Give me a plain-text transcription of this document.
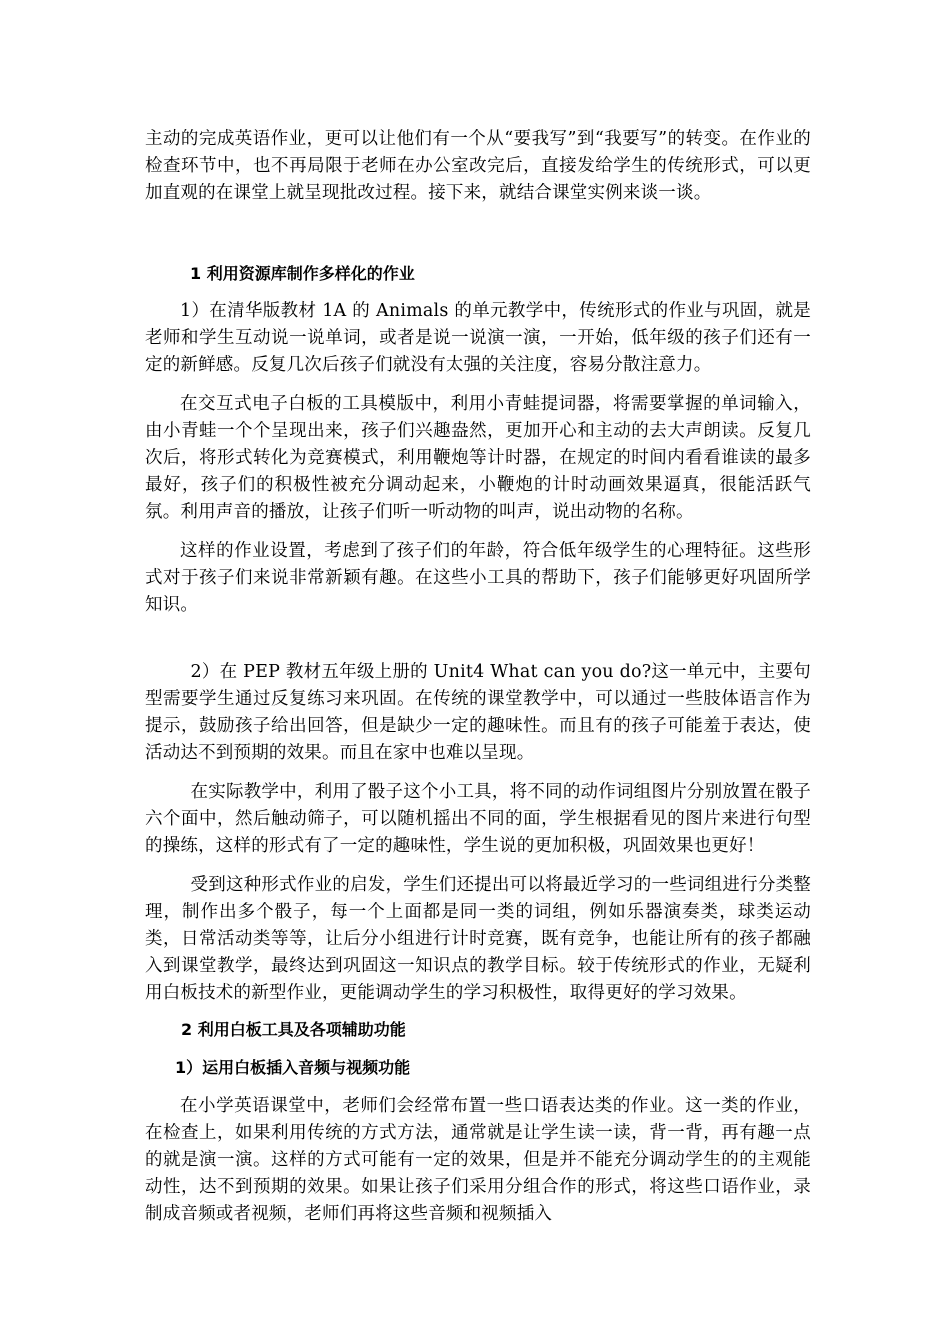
主动的完成英语作业，更可以让他们有一个从“要我写”到“我要写”的转变。在作业的检查环节中，也不再局限于老师在办公室改完后，直接发给学生的传统形式，可以更加直观的在课堂上就呈现批改过程。接下来，就结合课堂实例来谈一谈。

1 利用资源库制作多样化的作业

1）在清华版教材 1A 的 Animals 的单元教学中，传统形式的作业与巩固，就是 老师和学生互动说一说单词，或者是说一说演一演，一开始，低年级的孩子们还有一定的新鲜感。反复几次后孩子们就没有太强的关注度，容易分散注意力。

在交互式电子白板的工具模版中，利用小青蛙提词器，将需要掌握的单词输入，由小青蛙一个个呈现出来，孩子们兴趣盎然，更加开心和主动的去大声朗读。反复几次后，将形式转化为竞赛模式，利用鞭炮等计时器，在规定的时间内看看谁读的最多最好，孩子们的积极性被充分调动起来，小鞭炮的计时动画效果逼真，很能活跃气氛。利用声音的播放，让孩子们听一听动物的叫声，说出动物的名称。

这样的作业设置，考虑到了孩子们的年龄，符合低年级学生的心理特征。这些形式对于孩子们来说非常新颖有趣。在这些小工具的帮助下，孩子们能够更好巩固所学知识。

2）在 PEP 教材五年级上册的 Unit4 What can you do?这一单元中，主要句型需要学生通过反复练习来巩固。在传统的课堂教学中，可以通过一些肢体语言作为提示，鼓励孩子给出回答，但是缺少一定的趣味性。而且有的孩子可能羞于表达，使活动达不到预期的效果。而且在家中也难以呈现。

在实际教学中，利用了骰子这个小工具，将不同的动作词组图片分别放置在骰子六个面中，然后触动筛子，可以随机摇出不同的面，学生根据看见的图片来进行句型的操练，这样的形式有了一定的趣味性，学生说的更加积极，巩固效果也更好！

受到这种形式作业的启发，学生们还提出可以将最近学习的一些词组进行分类整理，制作出多个骰子，每一个上面都是同一类的词组，例如乐器演奏类，球类运动类，日常活动类等等，让后分小组进行计时竞赛，既有竞争，也能让所有的孩子都融入到课堂教学，最终达到巩固这一知识点的教学目标。较于传统形式的作业，无疑利用白板技术的新型作业，更能调动学生的学习积极性，取得更好的学习效果。

2 利用白板工具及各项辅助功能

1）运用白板插入音频与视频功能

在小学英语课堂中，老师们会经常布置一些口语表达类的作业。这一类的作业，在检查上，如果利用传统的方式方法，通常就是让学生读一读，背一背，再有趣一点的就是演一演。这样的方式可能有一定的效果，但是并不能充分调动学生的的主观能动性，达不到预期的效果。如果让孩子们采用分组合作的形式，将这些口语作业，录制成音频或者视频，老师们再将这些音频和视频插入
